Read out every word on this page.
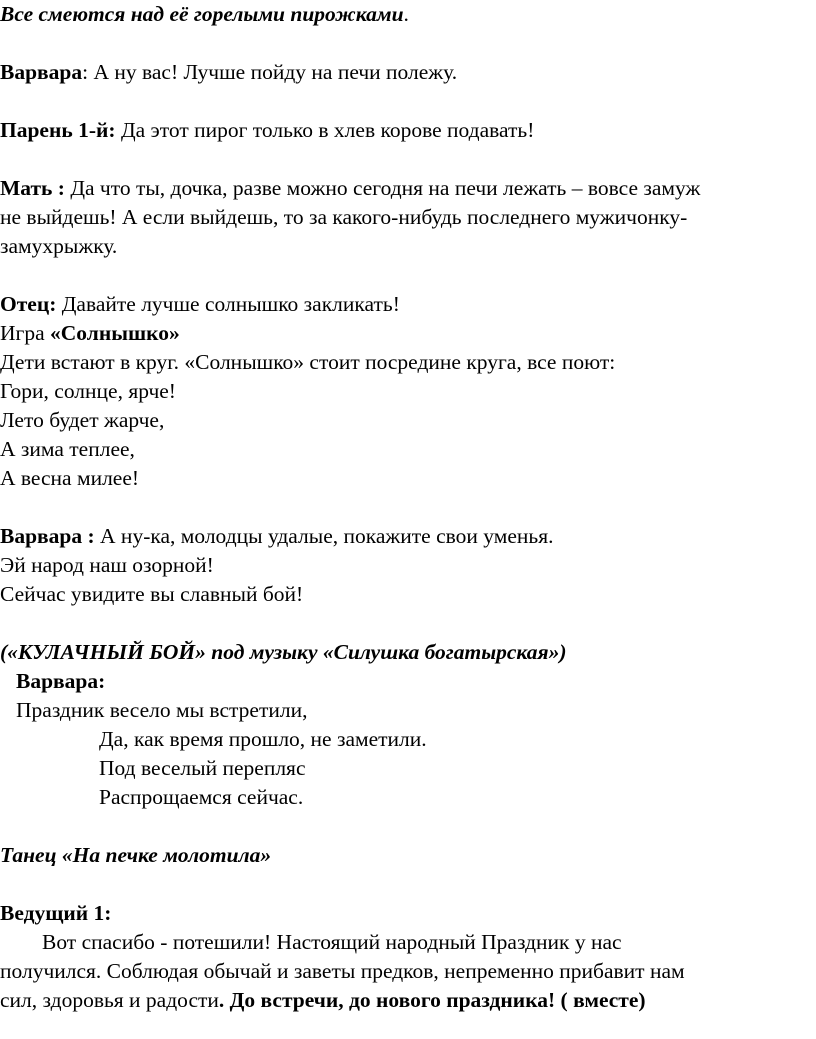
Все смеются над её горелыми пирожками.
Варвара: А ну вас! Лучше пойду на печи полежу.
Парень 1-й: Да этот пирог только в хлев корове подавать!
Мать : Да что ты, дочка, разве можно сегодня на печи лежать – вовсе замуж
не выйдешь! А если выйдешь, то за какого-нибудь последнего мужичонку-
замухрыжку.
Отец: Давайте лучше солнышко закликать!
Игра «Солнышко»
Дети встают в круг. «Солнышко» стоит посредине круга, все поют:
Гори, солнце, ярче!
Лето будет жарче,
А зима теплее,
А весна милее!
Варвара : А ну-ка, молодцы удалые, покажите свои уменья.
Эй народ наш озорной!
Сейчас увидите вы славный бой!
(«КУЛАЧНЫЙ БОЙ» под музыку «Силушка богатырская»)
Варвара:
Праздник весело мы встретили,
Да, как время прошло, не заметили.
Под веселый перепляс
Распрощаемся сейчас.
Танец «На печке молотила»
Ведущий 1:
Вот спасибо - потешили! Настоящий народный Праздник у нас
получился. Соблюдая обычай и заветы предков, непременно прибавит нам
сил, здоровья и радости. До встречи, до нового праздника! ( вместе)
